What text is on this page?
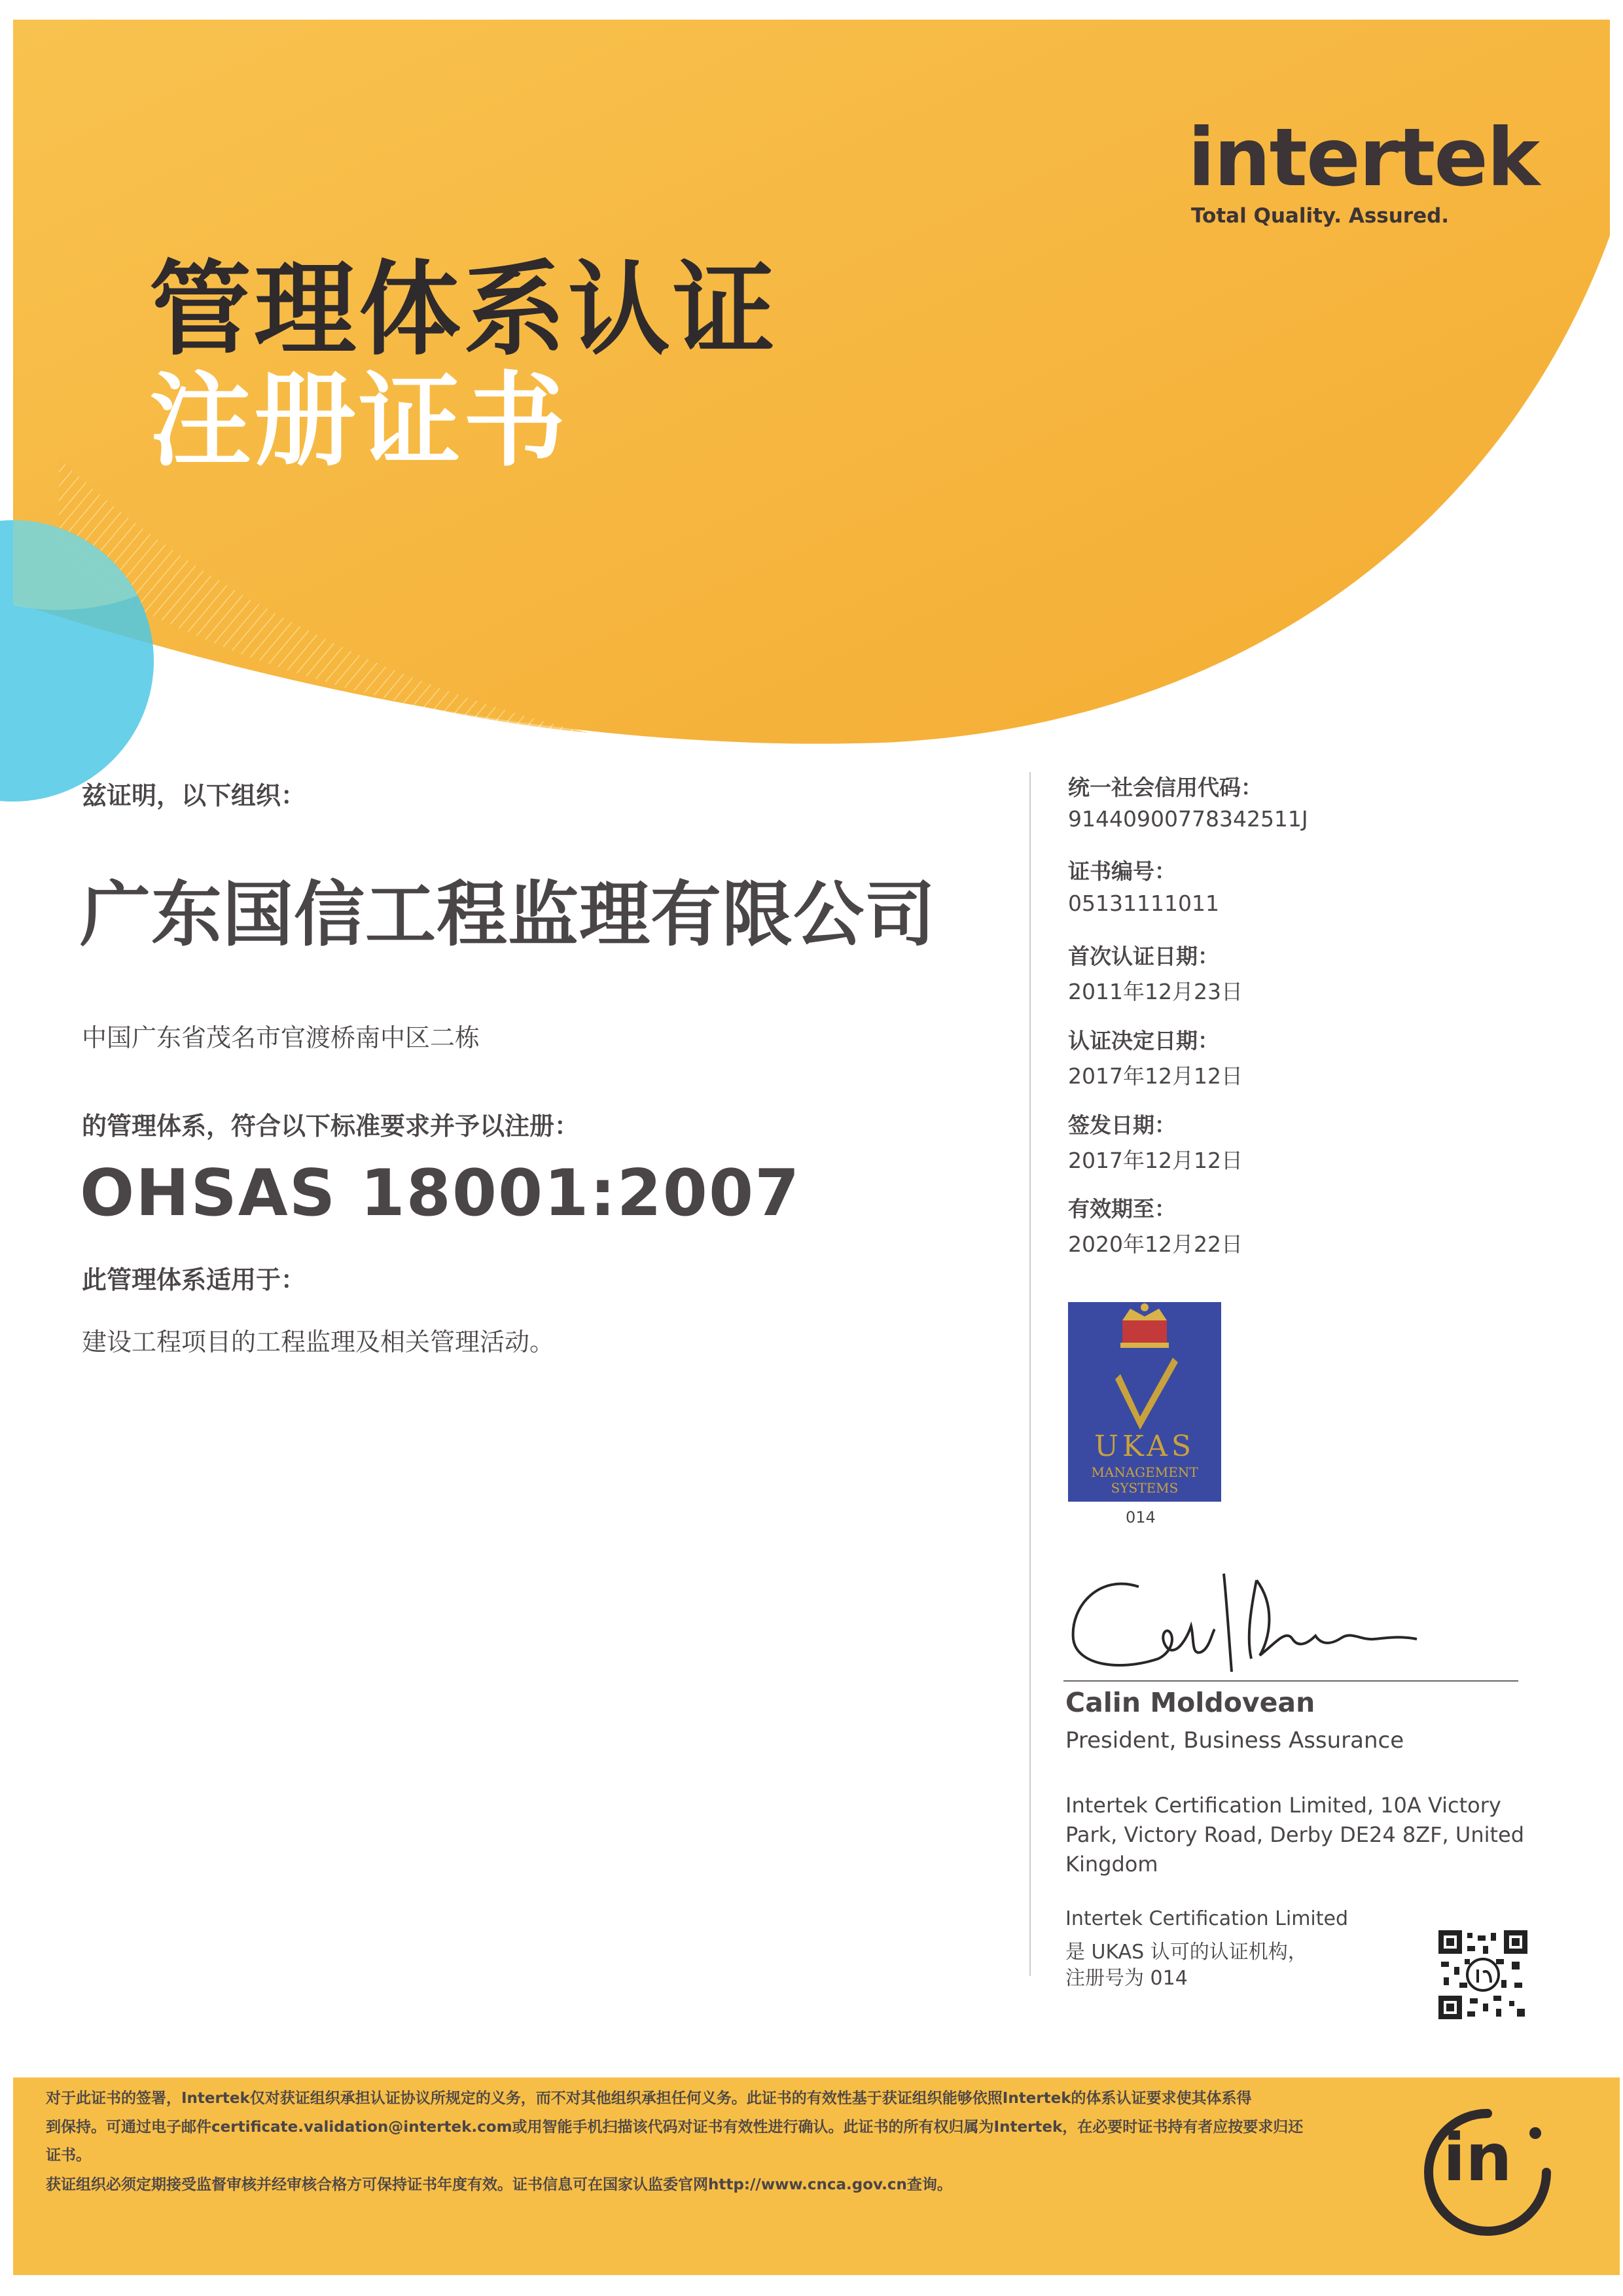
intertek
Total Quality. Assured.
管理体系认证
注册证书
兹证明，以下组织：
广东国信工程监理有限公司
中国广东省茂名市官渡桥南中区二栋
的管理体系，符合以下标准要求并予以注册：
OHSAS 18001:2007
此管理体系适用于：
建设工程项目的工程监理及相关管理活动。
统一社会信用代码：
91440900778342511J
证书编号：
05131111011
首次认证日期：
2011年12月23日
认证决定日期：
2017年12月12日
签发日期：
2017年12月12日
有效期至：
2020年12月22日
UKAS
MANAGEMENT
SYSTEMS
014
Calin Moldovean
President, Business Assurance
Intertek Certification Limited, 10A Victory
Park, Victory Road, Derby DE24 8ZF, United
Kingdom
Intertek Certification Limited
是 UKAS 认可的认证机构，
注册号为 014
对于此证书的签署，Intertek仅对获证组织承担认证协议所规定的义务，而不对其他组织承担任何义务。此证书的有效性基于获证组织能够依照Intertek的体系认证要求使其体系得
到保持。可通过电子邮件certificate.validation@intertek.com或用智能手机扫描该代码对证书有效性进行确认。此证书的所有权归属为Intertek，在必要时证书持有者应按要求归还
证书。
获证组织必须定期接受监督审核并经审核合格方可保持证书年度有效。证书信息可在国家认监委官网http://www.cnca.gov.cn查询。	in
